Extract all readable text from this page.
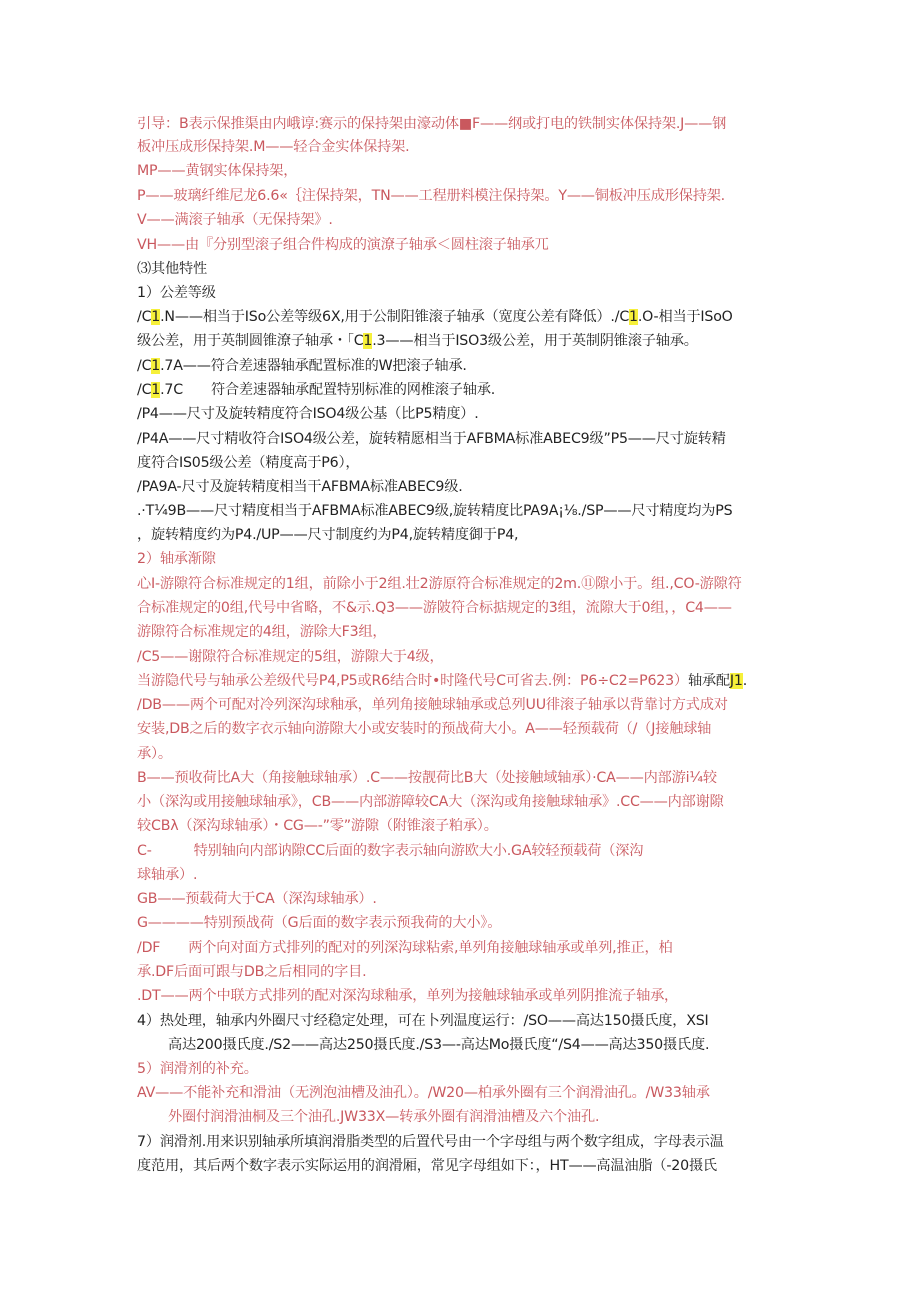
引导：B表示保推渠由内峨谆:赛示的保持架由濠动体■F——纲或打电的铁制实体保持架.J——钢
板冲压成形保持架.M——轻合金实体保持架.
MP——黄钢实体保持架，
P——玻璃纤维尼龙6.6«｛注保持架，TN——工程册料模注保持架。Y——铜板冲压成形保持架.
V——满滚子轴承（无保持架》.
VH——由『分别型滚子组合件构成的演潦子轴承＜圆柱滚子轴承兀
⑶其他特性
1）公差等级
/C1.N——相当于ISo公差等级6X,用于公制阳锥滚子轴承（宽度公差有降低）./C1.O-相当于ISoO
级公差，用于英制圆锥潦子轴承・「C1.3——相当于ISO3级公差，用于英制阴锥滚子轴承。
/C1.7A——符合差速器轴承配置标准的W把滚子轴承.
/C1.7C　　符合差速器轴承配置特别标准的网椎滚子轴承.
/P4——尺寸及旋转精度符合ISO4级公基（比P5精度）.
/P4A——尺寸精收符合ISO4级公差，旋转精愿相当于AFBMA标准ABEC9级”P5——尺寸旋转精
度符合IS05级公差（精度高于P6），
/PA9A-尺寸及旋转精度相当干AFBMA标准ABEC9级.
.·T¼9B——尺寸精度相当于AFBMA标准ABEC9级,旋转精度比PA9A¡⅛./SP——尺寸精度均为PS
，旋转精度约为P4./UP——尺寸制度约为P4,旋转精度御于P4,
2）轴承渐隙
心I-游隙符合标准规定的1组，前除小于2组.壮2游原符合标准规定的2m.⑪隙小于。组.,CO-游隙符
合标准规定的0组,代号中省略，不&示.Q3——游陂符合标掂规定的3组，流隙大于0组，，C4——
游隙符合标准规定的4组，游除大F3组，
/C5——谢隙符合标准规定的5组，游隙大于4级，
当游隐代号与轴承公差级代号P4,P5或R6结合时•时隆代号C可省去.例：P6÷C2=P623）轴承配J1.
/DB——两个可配对冷列深沟球釉承，单列角接触球轴承或总列UU徘滚子轴承以背靠讨方式成对
安装,DB之后的数字衣示轴向游隙大小或安装时的预战荷大小。A——轻预载荷（/（J接触球轴
承）。
B——预收荷比A大（角接触球轴承）.C——按靓荷比B大（处接触域轴承）·CA——内部游i¼较
小（深沟或用接触球轴承》，CB——内部游障较CA大（深沟或角接触球轴承》.CC——内部谢隙
较CBλ（深沟球轴承）・CG—-”零”游隙（附锥滚子粕承）。
C-　　　特别轴向内部讷隙CC后面的数字表示轴向游欧大小.GA较轻预载荷（深沟
球轴承）.
GB——预载荷大于CA（深沟球轴承）.
G————特别预战荷（G后面的数字表示预我荷的大小》。
/DF　　两个向对面方式排列的配对的列深沟球粘索,单列角接触球轴承或单列,推正，柏
承.DF后面可跟与DB之后相同的字目.
.DT——两个中联方式排列的配对深沟球釉承，单列为接触球轴承或单列阴推流子轴承，
4）热处理，轴承内外圈尺寸经稳定处理，可在卜列温度运行：/SO——高达150摄氏度，XSI
高达200摄氏度./S2——高达250摄氏度./S3—-高达Mo摄氏度“/S4——高达350摄氏度.
5）润滑剂的补充。
AV——不能补充和滑油（无洌泡油槽及油孔）。/W20—柏承外圈有三个润滑油孔。/W33轴承
外圈付润滑油桐及三个油孔.JW33X—转承外圈有润滑油槽及六个油孔.
7）润滑剂.用来识别轴承所填润滑脂类型的后置代号由一个字母组与两个数字组成，字母表示温
度范用，其后两个数字表示实际运用的润滑厢，常见字母组如下：，HT——高温油脂（-20摄氏
